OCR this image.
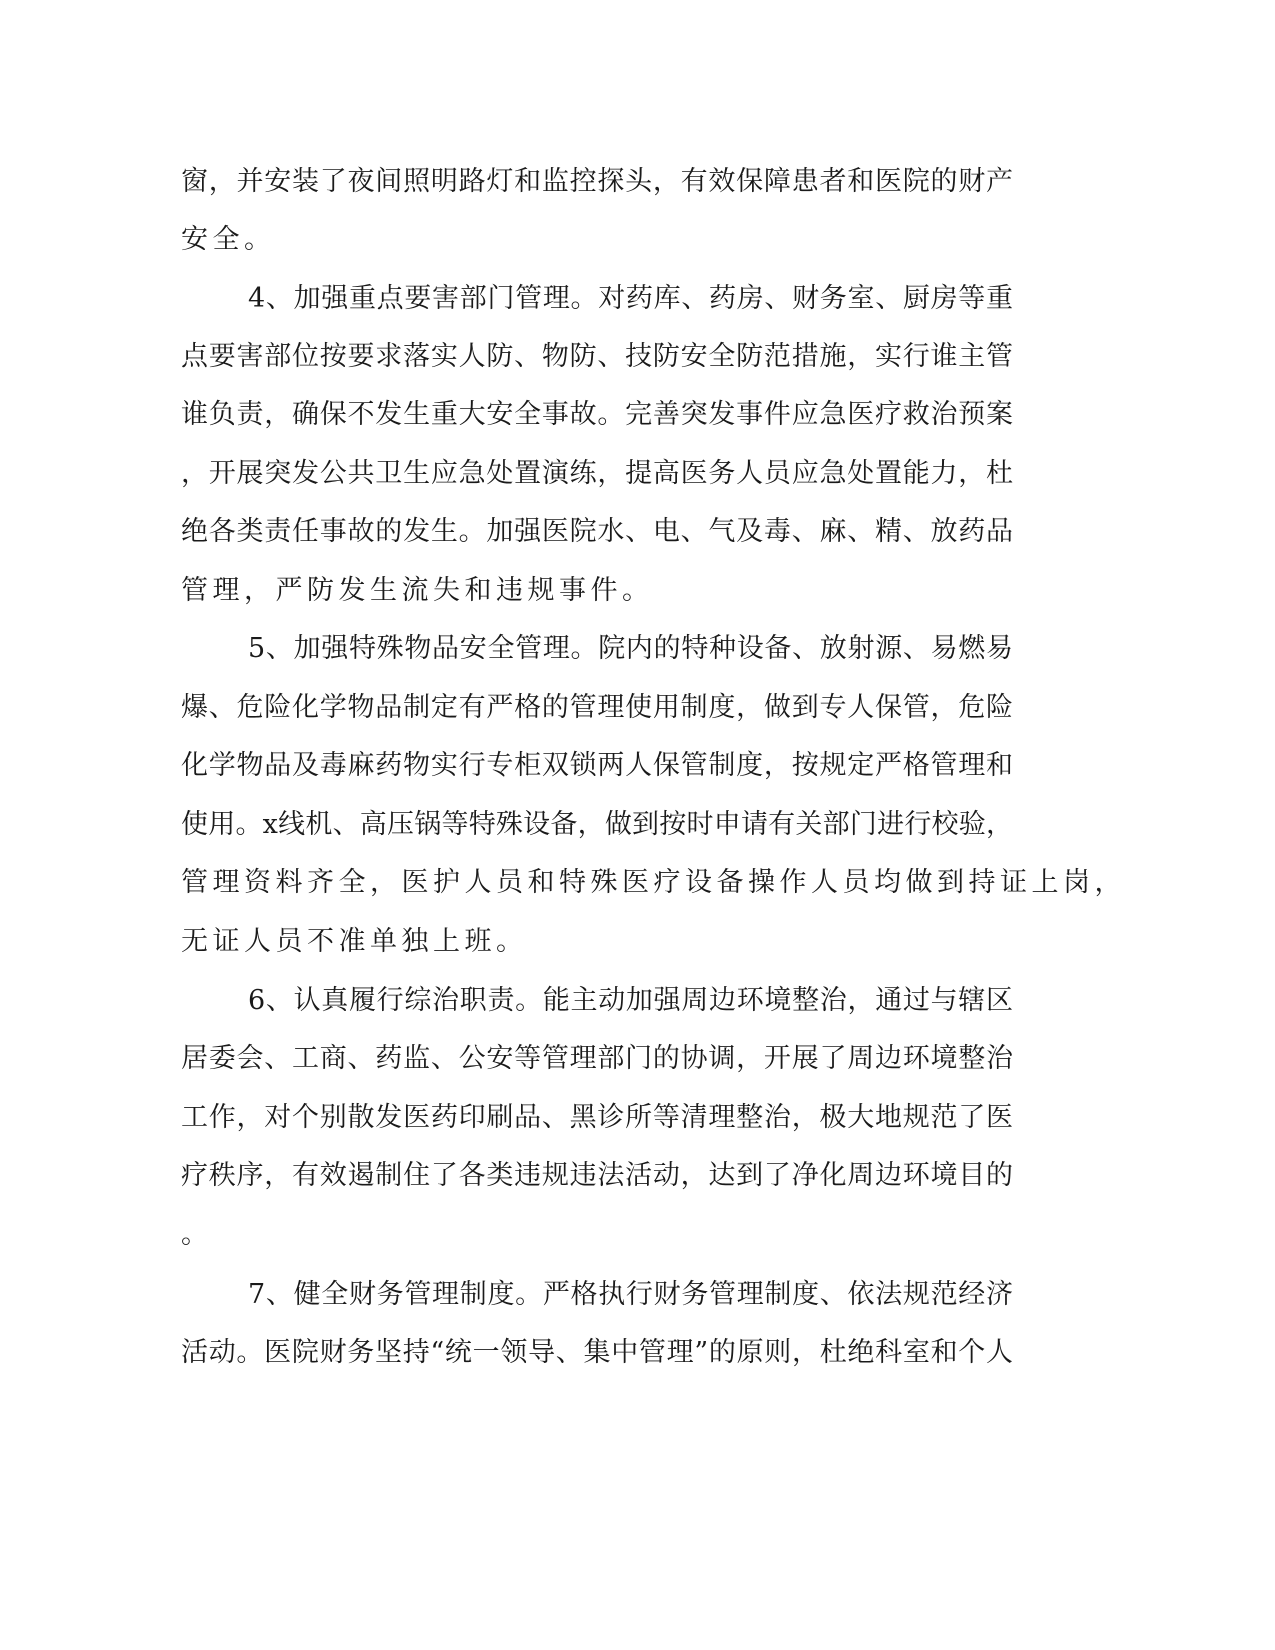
窗，并安装了夜间照明路灯和监控探头，有效保障患者和医院的财产
安全。
4、加强重点要害部门管理。对药库、药房、财务室、厨房等重
点要害部位按要求落实人防、物防、技防安全防范措施，实行谁主管
谁负责，确保不发生重大安全事故。完善突发事件应急医疗救治预案
，开展突发公共卫生应急处置演练，提高医务人员应急处置能力，杜
绝各类责任事故的发生。加强医院水、电、气及毒、麻、精、放药品
管理，严防发生流失和违规事件。
5、加强特殊物品安全管理。院内的特种设备、放射源、易燃易
爆、危险化学物品制定有严格的管理使用制度，做到专人保管，危险
化学物品及毒麻药物实行专柜双锁两人保管制度，按规定严格管理和
使用。x线机、高压锅等特殊设备，做到按时申请有关部门进行校验，
管理资料齐全，医护人员和特殊医疗设备操作人员均做到持证上岗，
无证人员不准单独上班。
6、认真履行综治职责。能主动加强周边环境整治，通过与辖区
居委会、工商、药监、公安等管理部门的协调，开展了周边环境整治
工作，对个别散发医药印刷品、黑诊所等清理整治，极大地规范了医
疗秩序，有效遏制住了各类违规违法活动，达到了净化周边环境目的
。
7、健全财务管理制度。严格执行财务管理制度、依法规范经济
活动。医院财务坚持“统一领导、集中管理”的原则，杜绝科室和个人
